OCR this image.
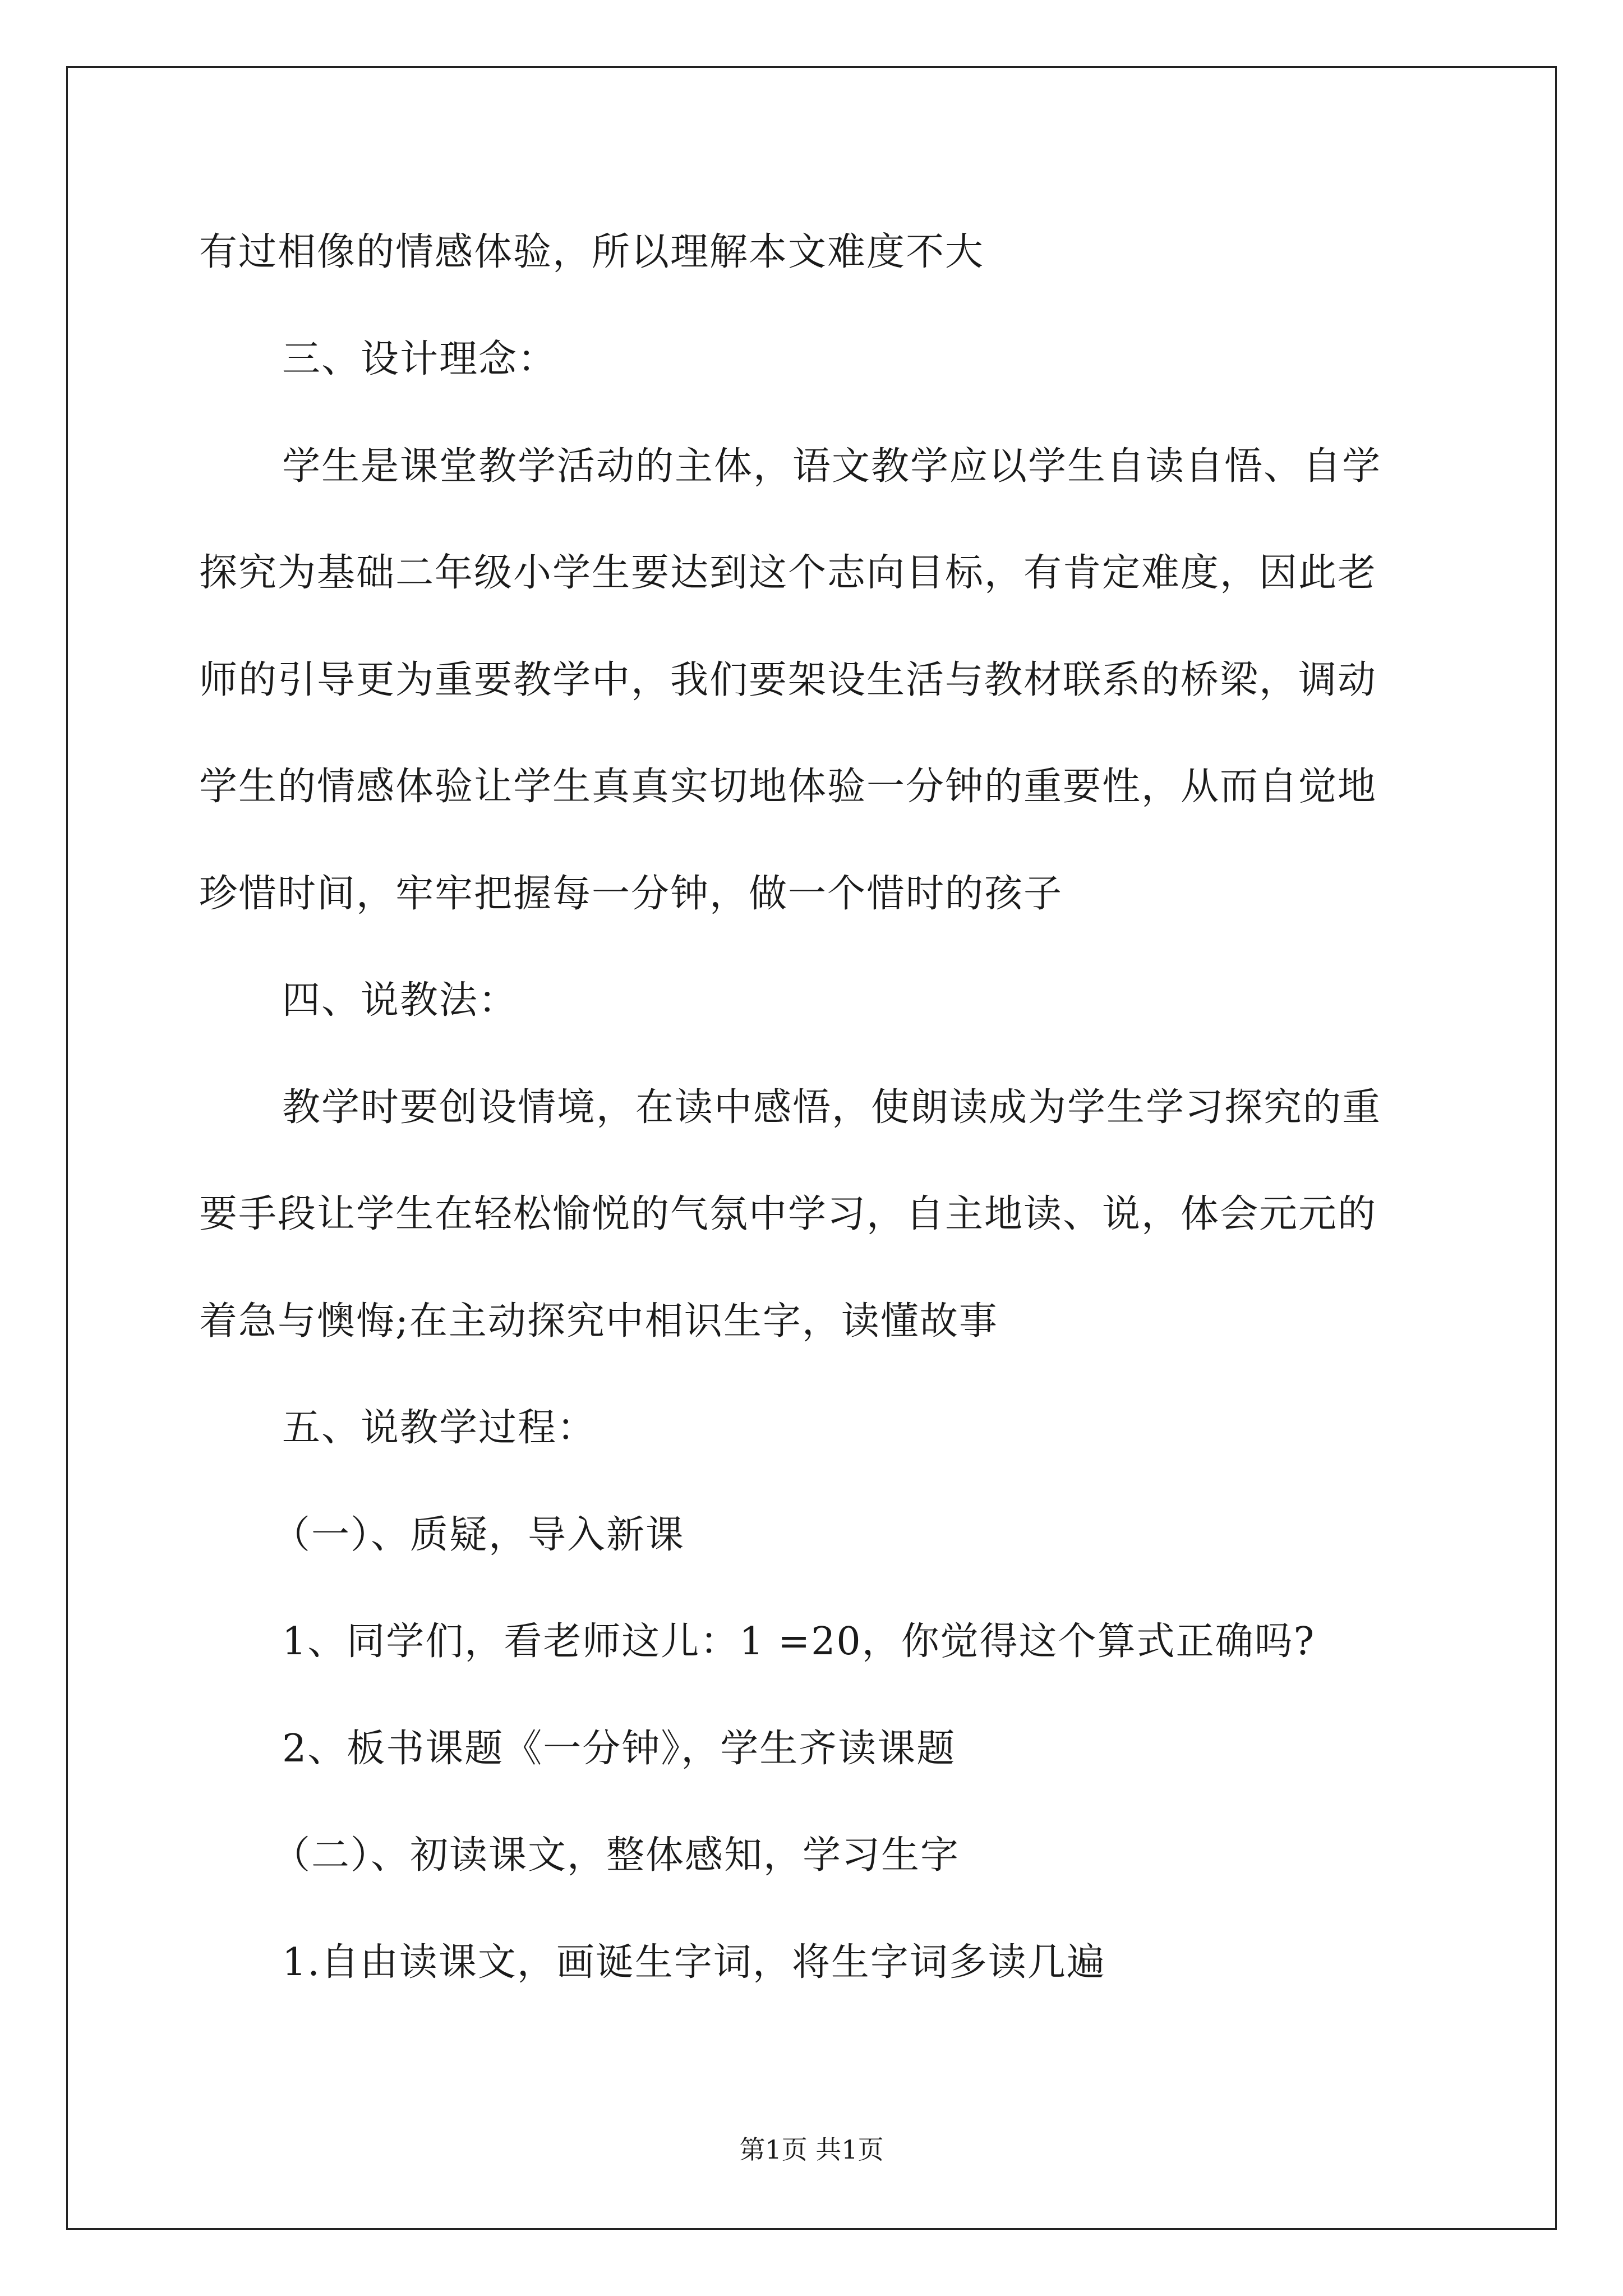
有过相像的情感体验，所以理解本文难度不大
三、设计理念：
学生是课堂教学活动的主体，语文教学应以学生自读自悟、自学
探究为基础二年级小学生要达到这个志向目标，有肯定难度，因此老
师的引导更为重要教学中，我们要架设生活与教材联系的桥梁，调动
学生的情感体验让学生真真实切地体验一分钟的重要性，从而自觉地
珍惜时间，牢牢把握每一分钟，做一个惜时的孩子
四、说教法：
教学时要创设情境，在读中感悟，使朗读成为学生学习探究的重
要手段让学生在轻松愉悦的气氛中学习，自主地读、说，体会元元的
着急与懊悔;在主动探究中相识生字，读懂故事
五、说教学过程：
（一）、质疑，导入新课
1、同学们，看老师这儿：1 =20，你觉得这个算式正确吗?
2、板书课题《一分钟》，学生齐读课题
（二）、初读课文，整体感知，学习生字
1.自由读课文，画诞生字词，将生字词多读几遍
第1页 共1页
